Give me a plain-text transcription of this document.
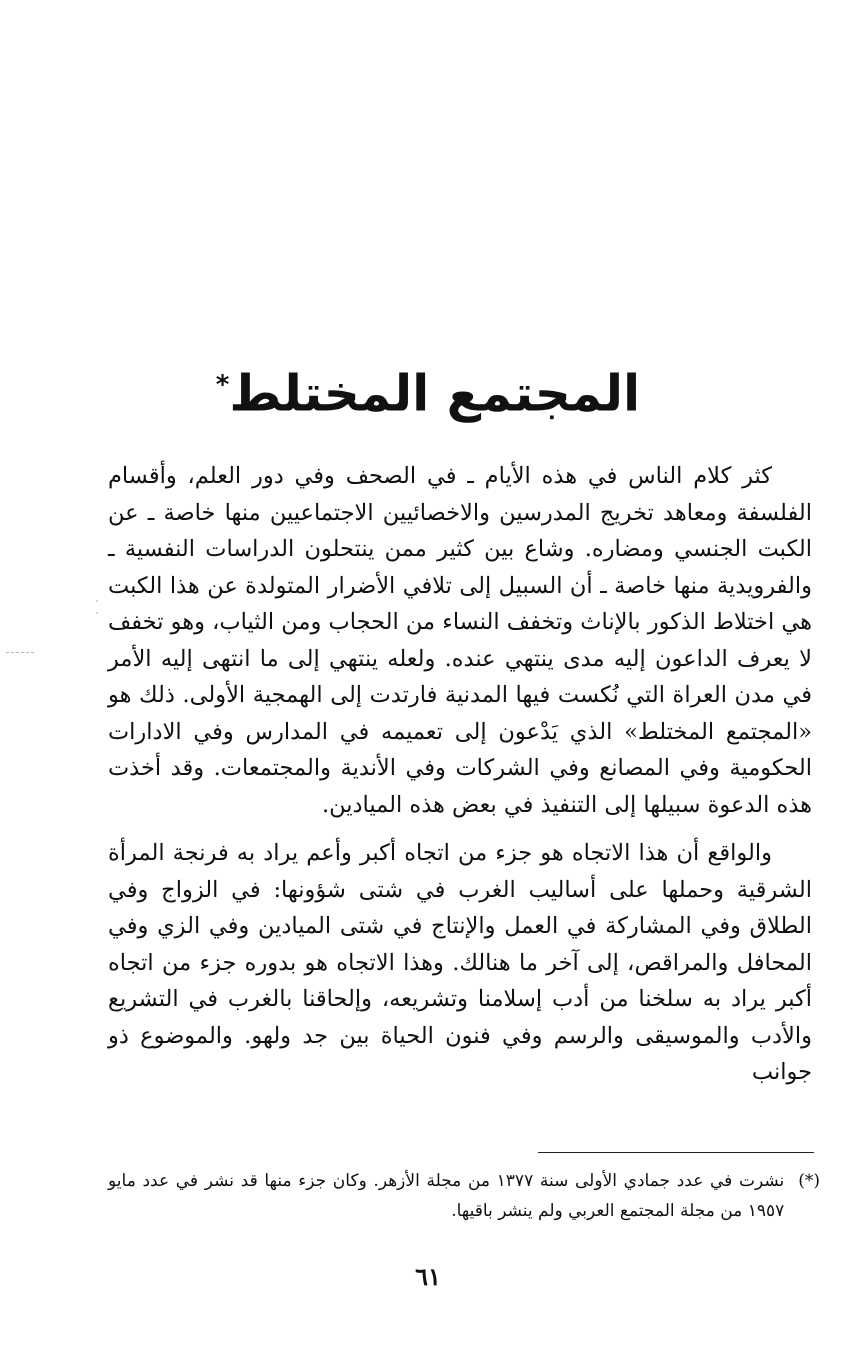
المجتمع المختلط*

كثر كلام الناس في هذه الأيام ـ في الصحف وفي دور العلم، وأقسام الفلسفة ومعاهد تخريج المدرسين والاخصائيين الاجتماعيين منها خاصة ـ عن الكبت الجنسي ومضاره. وشاع بين كثير ممن ينتحلون الدراسات النفسية ـ والفرويدية منها خاصة ـ أن السبيل إلى تلافي الأضرار المتولدة عن هذا الكبت هي اختلاط الذكور بالإناث وتخفف النساء من الحجاب ومن الثياب، وهو تخفف لا يعرف الداعون إليه مدى ينتهي عنده. ولعله ينتهي إلى ما انتهى إليه الأمر في مدن العراة التي نُكست فيها المدنية فارتدت إلى الهمجية الأولى. ذلك هو «المجتمع المختلط» الذي يَدْعون إلى تعميمه في المدارس وفي الادارات الحكومية وفي المصانع وفي الشركات وفي الأندية والمجتمعات. وقد أخذت هذه الدعوة سبيلها إلى التنفيذ في بعض هذه الميادين.

والواقع أن هذا الاتجاه هو جزء من اتجاه أكبر وأعم يراد به فرنجة المرأة الشرقية وحملها على أساليب الغرب في شتى شؤونها: في الزواج وفي الطلاق وفي المشاركة في العمل والإنتاج في شتى الميادين وفي الزي وفي المحافل والمراقص، إلى آخر ما هنالك. وهذا الاتجاه هو بدوره جزء من اتجاه أكبر يراد به سلخنا من أدب إسلامنا وتشريعه، وإلحاقنا بالغرب في التشريع والأدب والموسيقى والرسم وفي فنون الحياة بين جد ولهو. والموضوع ذو جوانب

(*)
نشرت في عدد جمادي الأولى سنة ١٣٧٧ من مجلة الأزهر. وكان جزء منها قد نشر في عدد مايو ١٩٥٧ من مجلة المجتمع العربي ولم ينشر باقيها.
٦١
